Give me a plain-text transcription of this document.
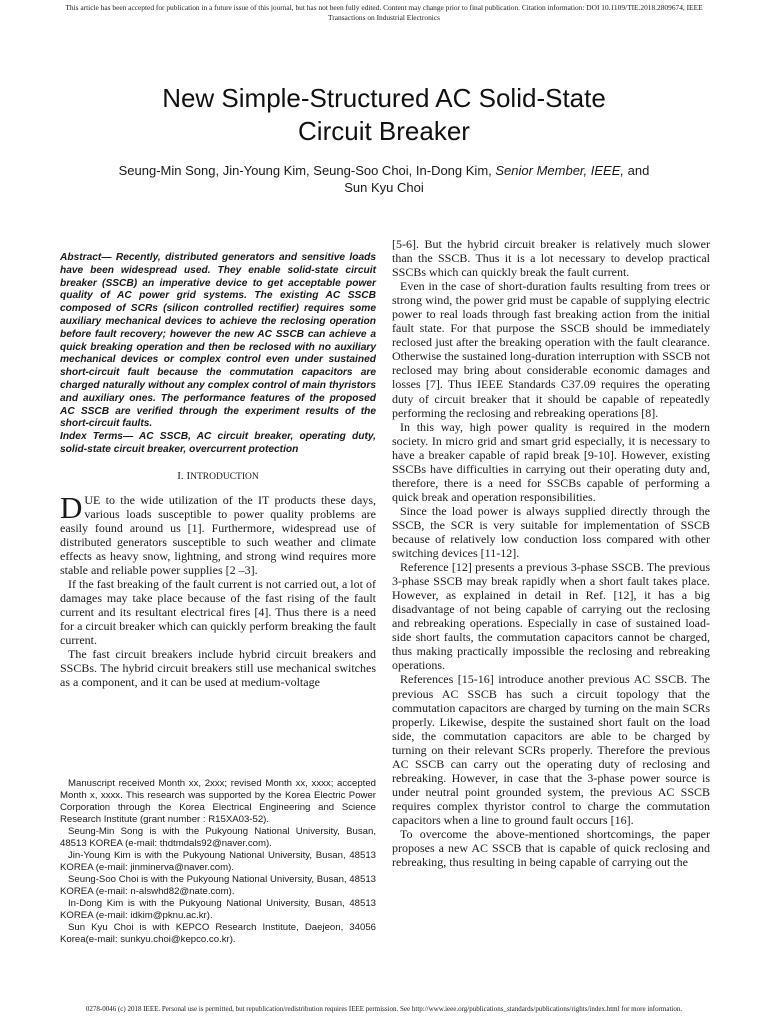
This article has been accepted for publication in a future issue of this journal, but has not been fully edited. Content may change prior to final publication. Citation information: DOI 10.1109/TIE.2018.2809674, IEEE
Transactions on Industrial Electronics
New Simple-Structured AC Solid-State
Circuit Breaker
Seung-Min Song, Jin-Young Kim, Seung-Soo Choi, In-Dong Kim, Senior Member, IEEE, and
Sun Kyu Choi

Abstract— Recently, distributed generators and sensitive loads have been widespread used. They enable solid-state circuit breaker (SSCB) an imperative device to get acceptable power quality of AC power grid systems. The existing AC SSCB composed of SCRs (silicon controlled rectifier) requires some auxiliary mechanical devices to achieve the reclosing operation before fault recovery; however the new AC SSCB can achieve a quick breaking operation and then be reclosed with no auxiliary mechanical devices or complex control even under sustained short-circuit fault because the commutation capacitors are charged naturally without any complex control of main thyristors and auxiliary ones. The performance features of the proposed AC SSCB are verified through the experiment results of the short-circuit faults.

Index Terms— AC SSCB, AC circuit breaker, operating duty, solid-state circuit breaker, overcurrent protection

I. INTRODUCTION

DUE to the wide utilization of the IT products these days, various loads susceptible to power quality problems are easily found around us [1]. Furthermore, widespread use of distributed generators susceptible to such weather and climate effects as heavy snow, lightning, and strong wind requires more stable and reliable power supplies [2 –3].

If the fast breaking of the fault current is not carried out, a lot of damages may take place because of the fast rising of the fault current and its resultant electrical fires [4]. Thus there is a need for a circuit breaker which can quickly perform breaking the fault current.

The fast circuit breakers include hybrid circuit breakers and SSCBs. The hybrid circuit breakers still use mechanical switches as a component, and it can be used at medium-voltage

Manuscript received Month xx, 2xxx; revised Month xx, xxxx; accepted Month x, xxxx. This research was supported by the Korea Electric Power Corporation through the Korea Electrical Engineering and Science Research Institute (grant number : R15XA03-52).

Seung-Min Song is with the Pukyoung National University, Busan, 48513 KOREA (e-mail: thdtmdals92@naver.com).

Jin-Young Kim is with the Pukyoung National University, Busan, 48513 KOREA (e-mail: jinminerva@naver.com).

Seung-Soo Choi is with the Pukyoung National University, Busan, 48513 KOREA (e-mail: n-alswhd82@nate.com).

In-Dong Kim is with the Pukyoung National University, Busan, 48513 KOREA (e-mail: idkim@pknu.ac.kr).

Sun Kyu Choi is with KEPCO Research Institute, Daejeon, 34056 Korea(e-mail: sunkyu.choi@kepco.co.kr).

[5-6]. But the hybrid circuit breaker is relatively much slower than the SSCB. Thus it is a lot necessary to develop practical SSCBs which can quickly break the fault current.

Even in the case of short-duration faults resulting from trees or strong wind, the power grid must be capable of supplying electric power to real loads through fast breaking action from the initial fault state. For that purpose the SSCB should be immediately reclosed just after the breaking operation with the fault clearance. Otherwise the sustained long-duration interruption with SSCB not reclosed may bring about considerable economic damages and losses [7]. Thus IEEE Standards C37.09 requires the operating duty of circuit breaker that it should be capable of repeatedly performing the reclosing and rebreaking operations [8].

In this way, high power quality is required in the modern society. In micro grid and smart grid especially, it is necessary to have a breaker capable of rapid break [9-10]. However, existing SSCBs have difficulties in carrying out their operating duty and, therefore, there is a need for SSCBs capable of performing a quick break and operation responsibilities.

Since the load power is always supplied directly through the SSCB, the SCR is very suitable for implementation of SSCB because of relatively low conduction loss compared with other switching devices [11-12].

Reference [12] presents a previous 3-phase SSCB. The previous 3-phase SSCB may break rapidly when a short fault takes place. However, as explained in detail in Ref. [12], it has a big disadvantage of not being capable of carrying out the reclosing and rebreaking operations. Especially in case of sustained load-side short faults, the commutation capacitors cannot be charged, thus making practically impossible the reclosing and rebreaking operations.

References [15-16] introduce another previous AC SSCB. The previous AC SSCB has such a circuit topology that the commutation capacitors are charged by turning on the main SCRs properly. Likewise, despite the sustained short fault on the load side, the commutation capacitors are able to be charged by turning on their relevant SCRs properly. Therefore the previous AC SSCB can carry out the operating duty of reclosing and rebreaking. However, in case that the 3-phase power source is under neutral point grounded system, the previous AC SSCB requires complex thyristor control to charge the commutation capacitors when a line to ground fault occurs [16].

To overcome the above-mentioned shortcomings, the paper proposes a new AC SSCB that is capable of quick reclosing and rebreaking, thus resulting in being capable of carrying out the

0278-0046 (c) 2018 IEEE. Personal use is permitted, but republication/redistribution requires IEEE permission. See http://www.ieee.org/publications_standards/publications/rights/index.html for more information.
